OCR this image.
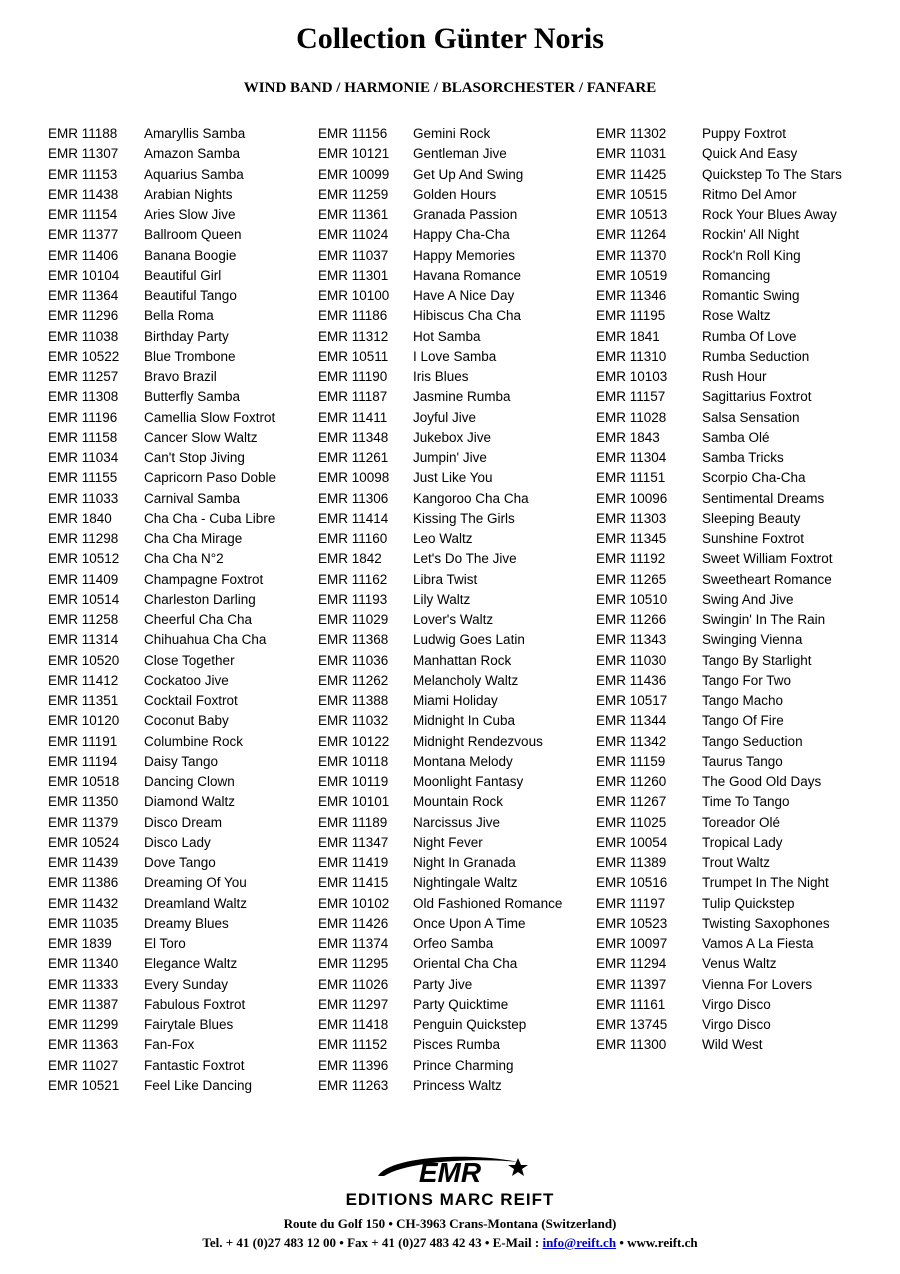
Collection Günter Noris
WIND BAND / HARMONIE / BLASORCHESTER / FANFARE
EMR 11188 Amaryllis Samba
EMR 11307 Amazon Samba
EMR 11153 Aquarius Samba
EMR 11438 Arabian Nights
EMR 11154 Aries Slow Jive
EMR 11377 Ballroom Queen
EMR 11406 Banana Boogie
EMR 10104 Beautiful Girl
EMR 11364 Beautiful Tango
EMR 11296 Bella Roma
EMR 11038 Birthday Party
EMR 10522 Blue Trombone
EMR 11257 Bravo Brazil
EMR 11308 Butterfly Samba
EMR 11196 Camellia Slow Foxtrot
EMR 11158 Cancer Slow Waltz
EMR 11034 Can't Stop Jiving
EMR 11155 Capricorn Paso Doble
EMR 11033 Carnival Samba
EMR 1840 Cha Cha - Cuba Libre
EMR 11298 Cha Cha Mirage
EMR 10512 Cha Cha N°2
EMR 11409 Champagne Foxtrot
EMR 10514 Charleston Darling
EMR 11258 Cheerful Cha Cha
EMR 11314 Chihuahua Cha Cha
EMR 10520 Close Together
EMR 11412 Cockatoo Jive
EMR 11351 Cocktail Foxtrot
EMR 10120 Coconut Baby
EMR 11191 Columbine Rock
EMR 11194 Daisy Tango
EMR 10518 Dancing Clown
EMR 11350 Diamond Waltz
EMR 11379 Disco Dream
EMR 10524 Disco Lady
EMR 11439 Dove Tango
EMR 11386 Dreaming Of You
EMR 11432 Dreamland Waltz
EMR 11035 Dreamy Blues
EMR 1839 El Toro
EMR 11340 Elegance Waltz
EMR 11333 Every Sunday
EMR 11387 Fabulous Foxtrot
EMR 11299 Fairytale Blues
EMR 11363 Fan-Fox
EMR 11027 Fantastic Foxtrot
EMR 10521 Feel Like Dancing
EMR 11156 Gemini Rock
EMR 10121 Gentleman Jive
EMR 10099 Get Up And Swing
EMR 11259 Golden Hours
EMR 11361 Granada Passion
EMR 11024 Happy Cha-Cha
EMR 11037 Happy Memories
EMR 11301 Havana Romance
EMR 10100 Have A Nice Day
EMR 11186 Hibiscus Cha Cha
EMR 11312 Hot Samba
EMR 10511 I Love Samba
EMR 11190 Iris Blues
EMR 11187 Jasmine Rumba
EMR 11411 Joyful Jive
EMR 11348 Jukebox Jive
EMR 11261 Jumpin' Jive
EMR 10098 Just Like You
EMR 11306 Kangoroo Cha Cha
EMR 11414 Kissing The Girls
EMR 11160 Leo Waltz
EMR 1842 Let's Do The Jive
EMR 11162 Libra Twist
EMR 11193 Lily Waltz
EMR 11029 Lover's Waltz
EMR 11368 Ludwig Goes Latin
EMR 11036 Manhattan Rock
EMR 11262 Melancholy Waltz
EMR 11388 Miami Holiday
EMR 11032 Midnight In Cuba
EMR 10122 Midnight Rendezvous
EMR 10118 Montana Melody
EMR 10119 Moonlight Fantasy
EMR 10101 Mountain Rock
EMR 11189 Narcissus Jive
EMR 11347 Night Fever
EMR 11419 Night In Granada
EMR 11415 Nightingale Waltz
EMR 10102 Old Fashioned Romance
EMR 11426 Once Upon A Time
EMR 11374 Orfeo Samba
EMR 11295 Oriental Cha Cha
EMR 11026 Party Jive
EMR 11297 Party Quicktime
EMR 11418 Penguin Quickstep
EMR 11152 Pisces Rumba
EMR 11396 Prince Charming
EMR 11263 Princess Waltz
EMR 11302	Puppy Foxtrot
EMR 11031	Quick And Easy
EMR 11425	Quickstep To The Stars
EMR 10515	Ritmo Del Amor
EMR 10513	Rock Your Blues Away
EMR 11264	Rockin' All Night
EMR 11370	Rock'n Roll King
EMR 10519	Romancing
EMR 11346	Romantic Swing
EMR 11195	Rose Waltz
EMR 1841	Rumba Of Love
EMR 11310	Rumba Seduction
EMR 10103	Rush Hour
EMR 11157	Sagittarius Foxtrot
EMR 11028	Salsa Sensation
EMR 1843	Samba Olé
EMR 11304	Samba Tricks
EMR 11151	Scorpio Cha-Cha
EMR 10096	Sentimental Dreams
EMR 11303	Sleeping Beauty
EMR 11345	Sunshine Foxtrot
EMR 11192	Sweet William Foxtrot
EMR 11265	Sweetheart Romance
EMR 10510	Swing And Jive
EMR 11266	Swingin' In The Rain
EMR 11343	Swinging Vienna
EMR 11030	Tango By Starlight
EMR 11436	Tango For Two
EMR 10517	Tango Macho
EMR 11344	Tango Of Fire
EMR 11342	Tango Seduction
EMR 11159	Taurus Tango
EMR 11260	The Good Old Days
EMR 11267	Time To Tango
EMR 11025	Toreador Olé
EMR 10054	Tropical Lady
EMR 11389	Trout Waltz
EMR 10516	Trumpet In The Night
EMR 11197	Tulip Quickstep
EMR 10523	Twisting Saxophones
EMR 10097	Vamos A La Fiesta
EMR 11294	Venus Waltz
EMR 11397	Vienna For Lovers
EMR 11161	Virgo Disco
EMR 13745	Virgo Disco
EMR 11300	Wild West
EMR
EDITIONS MARC REIFT
Route du Golf 150 • CH-3963 Crans-Montana (Switzerland)
Tel. + 41 (0)27 483 12 00 • Fax + 41 (0)27 483 42 43 • E-Mail : info@reift.ch • www.reift.ch
